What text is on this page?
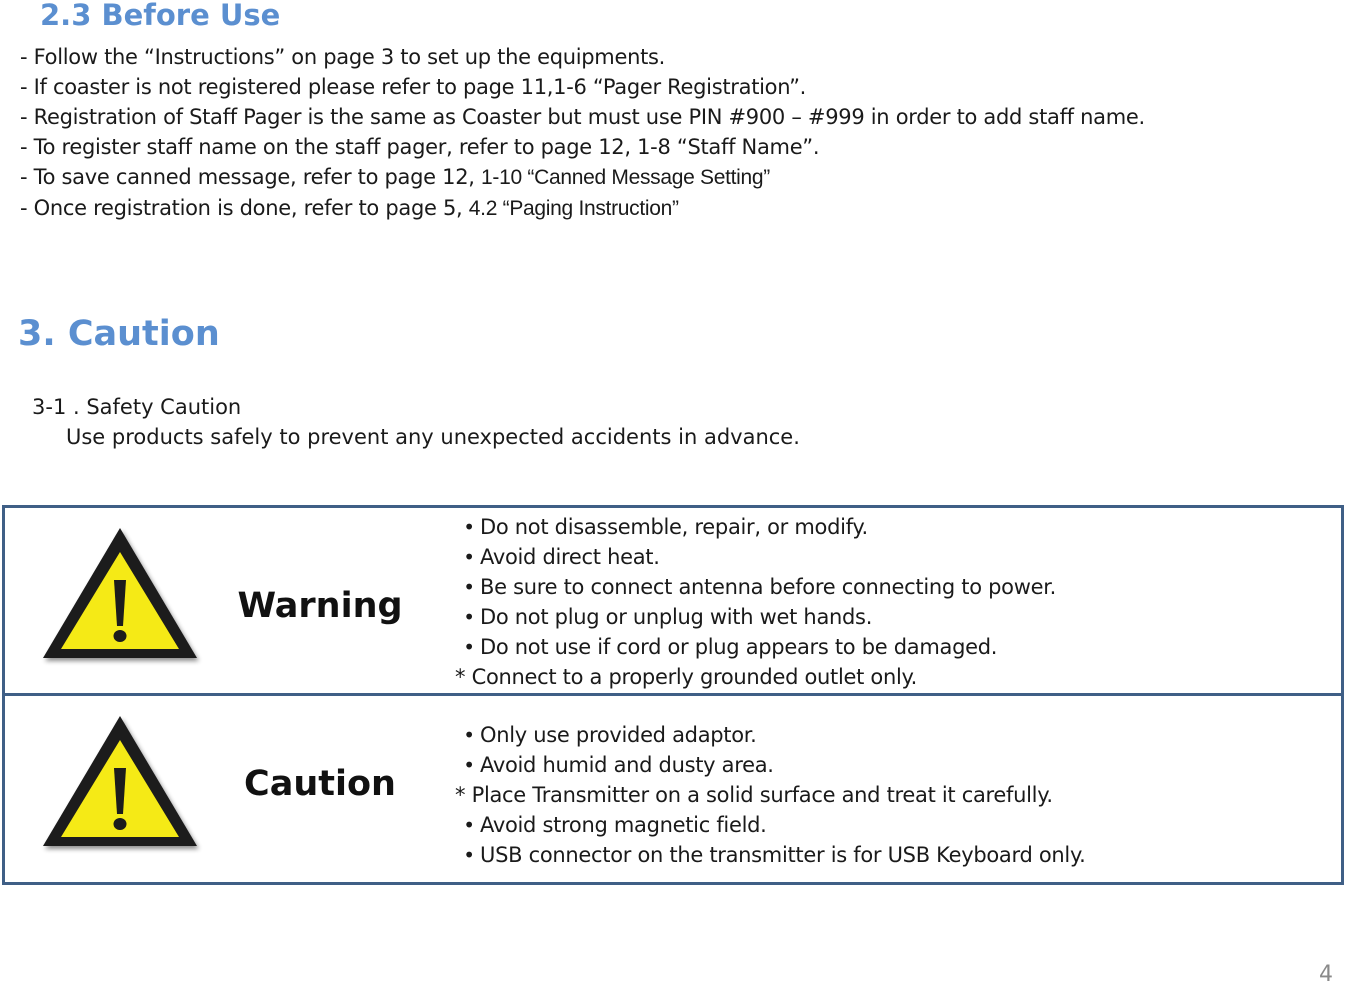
2.3 Before Use
- Follow the “Instructions” on page 3 to set up the equipments.
- If coaster is not registered please refer to page 11,1-6 “Pager Registration”.
- Registration of Staff Pager is the same as Coaster but must use PIN #900 – #999 in order to add staff name.
- To register staff name on the staff pager, refer to page 12, 1-8 “Staff Name”.
- To save canned message, refer to page 12, 1-10 “Canned Message Setting”
- Once registration is done, refer to page 5, 4.2 “Paging Instruction”
3. Caution

3-1 . Safety Caution

Use products safely to prevent any unexpected accidents in advance.

Warning
• Do not disassemble, repair, or modify.
• Avoid direct heat.
• Be sure to connect antenna before connecting to power.
• Do not plug or unplug with wet hands.
• Do not use if cord or plug appears to be damaged.
* Connect to a properly grounded outlet only.
Caution
• Only use provided adaptor.
• Avoid humid and dusty area.
* Place Transmitter on a solid surface and treat it carefully.
• Avoid strong magnetic field.
• USB connector on the transmitter is for USB Keyboard only.
4
